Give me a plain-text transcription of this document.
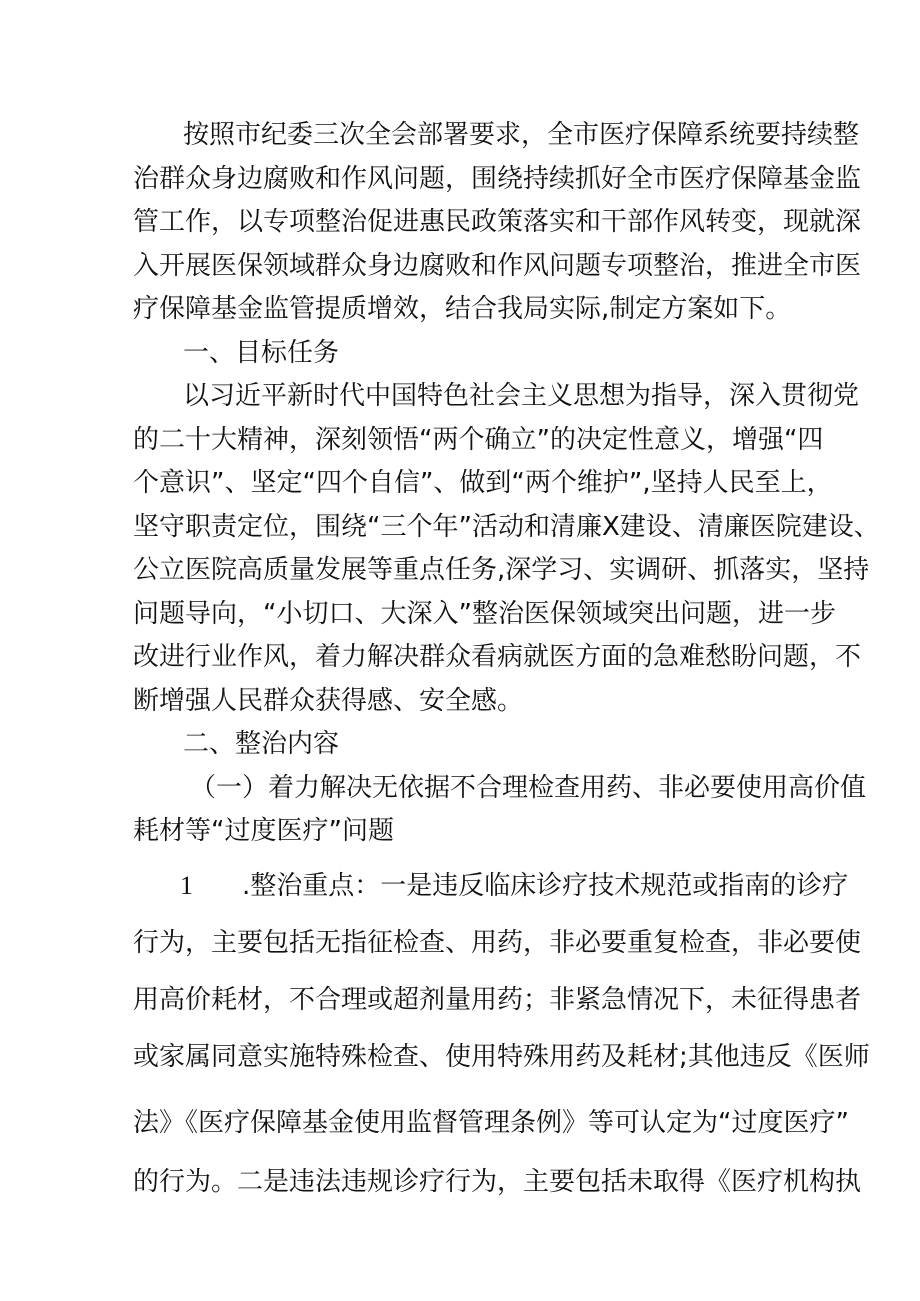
按照市纪委三次全会部署要求，全市医疗保障系统要持续整
治群众身边腐败和作风问题，围绕持续抓好全市医疗保障基金监
管工作，以专项整治促进惠民政策落实和干部作风转变，现就深
入开展医保领域群众身边腐败和作风问题专项整治，推进全市医
疗保障基金监管提质增效，结合我局实际,制定方案如下。
一、目标任务
以习近平新时代中国特色社会主义思想为指导，深入贯彻党
的二十大精神，深刻领悟“两个确立”的决定性意义，增强“四
个意识”、坚定“四个自信”、做到“两个维护”,坚持人民至上，
坚守职责定位，围绕“三个年”活动和清廉X建设、清廉医院建设、
公立医院高质量发展等重点任务,深学习、实调研、抓落实，坚持
问题导向，“小切口、大深入”整治医保领域突出问题，进一步
改进行业作风，着力解决群众看病就医方面的急难愁盼问题，不
断增强人民群众获得感、安全感。
二、整治内容
（一）着力解决无依据不合理检查用药、非必要使用高价值
耗材等“过度医疗”问题
1 .整治重点：一是违反临床诊疗技术规范或指南的诊疗
行为，主要包括无指征检查、用药，非必要重复检查，非必要使
用高价耗材，不合理或超剂量用药；非紧急情况下，未征得患者
或家属同意实施特殊检查、使用特殊用药及耗材;其他违反《医师
法》《医疗保障基金使用监督管理条例》等可认定为“过度医疗”
的行为。二是违法违规诊疗行为，主要包括未取得《医疗机构执
